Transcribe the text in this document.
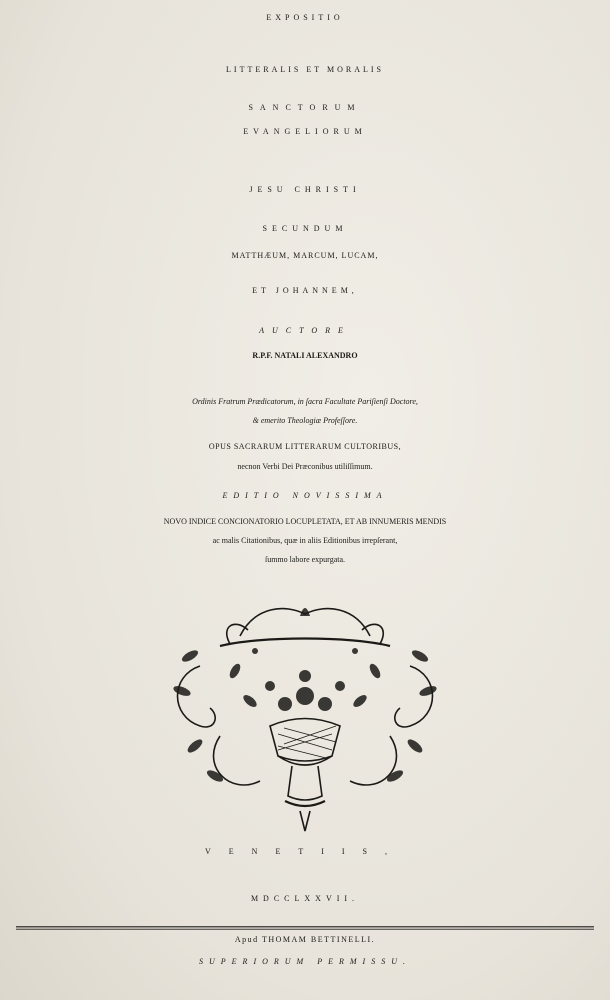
EXPOSITIO
LITTERALIS ET MORALIS
SANCTORUM
EVANGELIORUM
JESU CHRISTI
SECUNDUM
MATTHÆUM, MARCUM, LUCAM,
ET JOHANNEM,
AUCTORE
R.P.F. NATALI ALEXANDRO
Ordinis Fratrum Prædicatorum, in ſacra Facultate Pariſienſi Doctore,
& emerito Theologiæ Profeſſore.
OPUS SACRARUM LITTERARUM CULTORIBUS,
necnon Verbi Dei Præconibus utiliſſimum.
EDITIO NOVISSIMA
NOVO INDICE CONCIONATORIO LOCUPLETATA, ET AB INNUMERIS MENDIS
ac malis Citationibus, quæ in aliis Editionibus irrepſerant,
ſummo labore expurgata.
VENETIIS,
MDCCLXXVII.
Apud THOMAM BETTINELLI.
SUPERIORUM PERMISSU.
